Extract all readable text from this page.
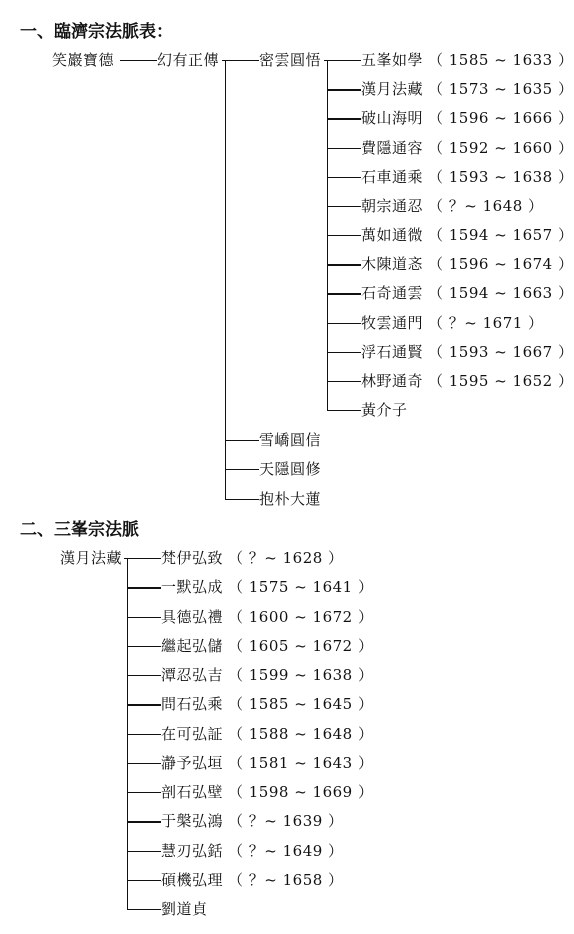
一、臨濟宗法脈表：
笑巖寶德	幻有正傳	密雲圓悟
雪嶠圓信
天隱圓修
抱朴大蓮
五峯如學 （ 1585 ~ 1633 ）
漢月法藏 （ 1573 ~ 1635 ）
破山海明 （ 1596 ~ 1666 ）
費隱通容 （ 1592 ~ 1660 ）
石車通乘 （ 1593 ~ 1638 ）
朝宗通忍 （ ？~ 1648 ）
萬如通微 （ 1594 ~ 1657 ）
木陳道忞 （ 1596 ~ 1674 ）
石奇通雲 （ 1594 ~ 1663 ）
牧雲通門 （ ？~ 1671 ）
浮石通賢 （ 1593 ~ 1667 ）
林野通奇 （ 1595 ~ 1652 ）
黃介子
二、三峯宗法脈
漢月法藏	梵伊弘致 （ ？~ 1628 ）
一默弘成 （ 1575 ~ 1641 ）
具德弘禮 （ 1600 ~ 1672 ）
繼起弘儲 （ 1605 ~ 1672 ）
潭忍弘吉 （ 1599 ~ 1638 ）
問石弘乘 （ 1585 ~ 1645 ）
在可弘証 （ 1588 ~ 1648 ）
瀞予弘垣 （ 1581 ~ 1643 ）
剖石弘壁 （ 1598 ~ 1669 ）
于槃弘鴻 （ ？~ 1639 ）
慧刃弘銛 （ ？~ 1649 ）
碩機弘理 （ ？~ 1658 ）
劉道貞
